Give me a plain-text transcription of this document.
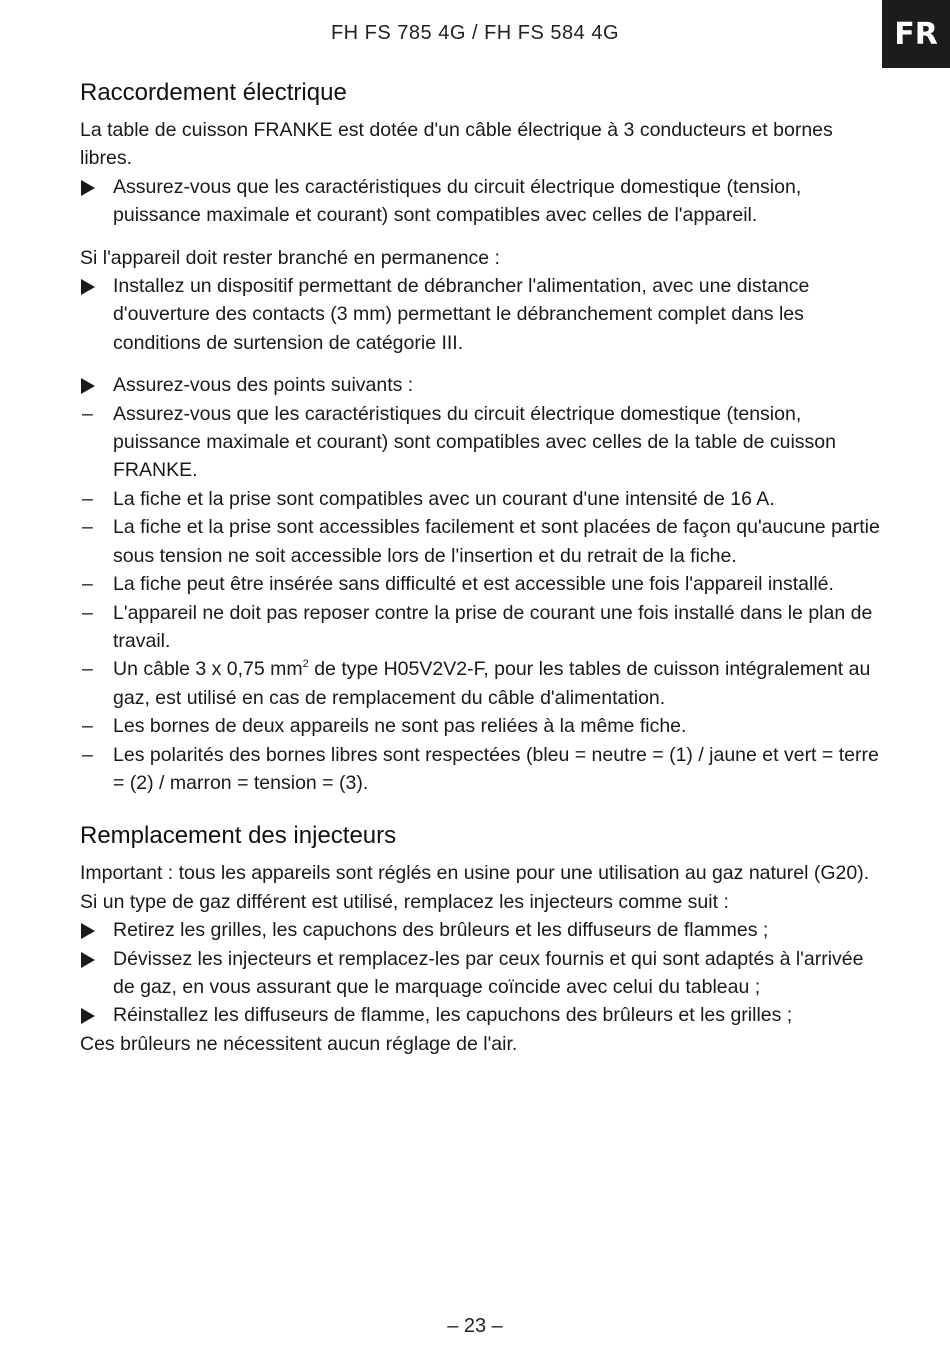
FH FS 785 4G / FH FS 584 4G	FR
Raccordement électrique

La table de cuisson FRANKE est dotée d'un câble électrique à 3 conducteurs et bornes libres.

Assurez-vous que les caractéristiques du circuit électrique domestique (tension, puissance maximale et courant) sont compatibles avec celles de l'appareil.

Si l'appareil doit rester branché en permanence :

Installez un dispositif permettant de débrancher l'alimentation, avec une distance d'ouverture des contacts (3 mm) permettant le débranchement complet dans les conditions de surtension de catégorie III.
Assurez-vous des points suivants :
– Assurez-vous que les caractéristiques du circuit électrique domestique (tension, puissance maximale et courant) sont compatibles avec celles de la table de cuisson FRANKE.
– La fiche et la prise sont compatibles avec un courant d'une intensité de 16 A.
– La fiche et la prise sont accessibles facilement et sont placées de façon qu'aucune partie sous tension ne soit accessible lors de l'insertion et du retrait de la fiche.
– La fiche peut être insérée sans difficulté et est accessible une fois l'appareil installé.
– L'appareil ne doit pas reposer contre la prise de courant une fois installé dans le plan de travail.
– Un câble 3 x 0,75 $mm^2$ de type H05V2V2-F, pour les tables de cuisson intégralement au gaz, est utilisé en cas de remplacement du câble d'alimentation.
– Les bornes de deux appareils ne sont pas reliées à la même fiche.
– Les polarités des bornes libres sont respectées (bleu = neutre = (1) / jaune et vert = terre = (2) / marron = tension = (3).
Remplacement des injecteurs

Important : tous les appareils sont réglés en usine pour une utilisation au gaz naturel (G20).

Si un type de gaz différent est utilisé, remplacez les injecteurs comme suit :

Retirez les grilles, les capuchons des brûleurs et les diffuseurs de flammes ;
Dévissez les injecteurs et remplacez-les par ceux fournis et qui sont adaptés à l'arrivée de gaz, en vous assurant que le marquage coïncide avec celui du tableau ;
Réinstallez les diffuseurs de flamme, les capuchons des brûleurs et les grilles ;

Ces brûleurs ne nécessitent aucun réglage de l'air.

– 23 –
